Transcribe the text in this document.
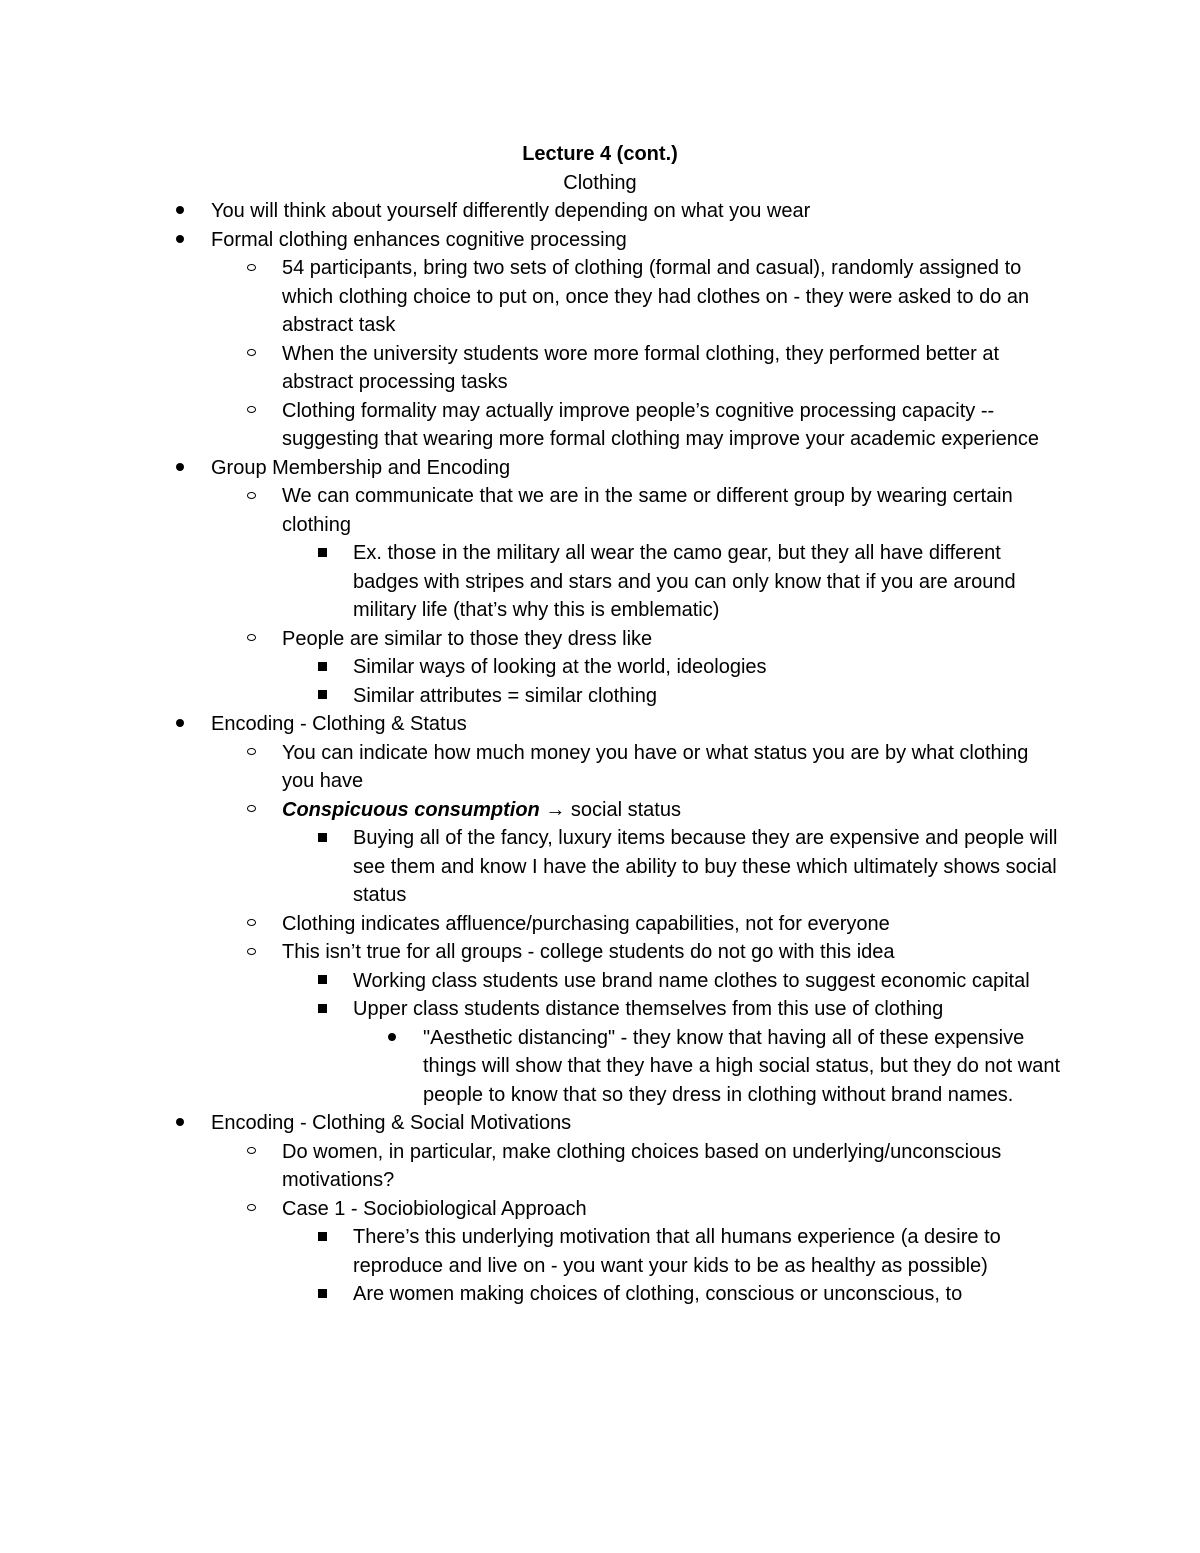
Lecture 4 (cont.)
Clothing
You will think about yourself differently depending on what you wear
Formal clothing enhances cognitive processing
54 participants, bring two sets of clothing (formal and casual), randomly assigned to which clothing choice to put on, once they had clothes on - they were asked to do an abstract task
When the university students wore more formal clothing, they performed better at abstract processing tasks
Clothing formality may actually improve people’s cognitive processing capacity -- suggesting that wearing more formal clothing may improve your academic experience
Group Membership and Encoding
We can communicate that we are in the same or different group by wearing certain clothing
Ex. those in the military all wear the camo gear, but they all have different badges with stripes and stars and you can only know that if you are around military life (that’s why this is emblematic)
People are similar to those they dress like
Similar ways of looking at the world, ideologies
Similar attributes = similar clothing
Encoding - Clothing & Status
You can indicate how much money you have or what status you are by what clothing you have
Conspicuous consumption → social status
Buying all of the fancy, luxury items because they are expensive and people will see them and know I have the ability to buy these which ultimately shows social status
Clothing indicates affluence/purchasing capabilities, not for everyone
This isn’t true for all groups - college students do not go with this idea
Working class students use brand name clothes to suggest economic capital
Upper class students distance themselves from this use of clothing
"Aesthetic distancing" - they know that having all of these expensive things will show that they have a high social status, but they do not want people to know that so they dress in clothing without brand names.
Encoding - Clothing & Social Motivations
Do women, in particular, make clothing choices based on underlying/unconscious motivations?
Case 1 - Sociobiological Approach
There’s this underlying motivation that all humans experience (a desire to reproduce and live on - you want your kids to be as healthy as possible)
Are women making choices of clothing, conscious or unconscious, to
